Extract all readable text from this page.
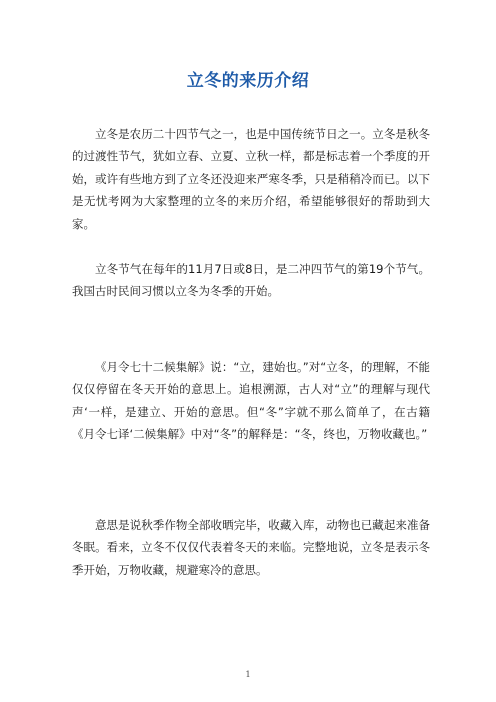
立冬的来历介绍

立冬是农历二十四节气之一，也是中国传统节日之一。立冬是秋冬的过渡性节气，犹如立春、立夏、立秋一样，都是标志着一个季度的开始，或许有些地方到了立冬还没迎来严寒冬季，只是稍稍冷而已。以下是无忧考网为大家整理的立冬的来历介绍，希望能够很好的帮助到大家。

立冬节气在每年的11月7日或8日，是二冲四节气的第19个节气。我国古时民间习惯以立冬为冬季的开始。

《月令七十二候集解》说：“立，建始也。”对“立冬，的理解，不能仅仅停留在冬天开始的意思上。追根溯源，古人对“立”的理解与现代声‘一样，是建立、开始的意思。但“冬”字就不那么简单了，在古籍《月令七译‘二候集解》中对“冬”的解释是：“冬，终也，万物收藏也。”

意思是说秋季作物全部收晒完毕，收藏入库，动物也已藏起来准备冬眠。看来，立冬不仅仅代表着冬天的来临。完整地说，立冬是表示冬季开始，万物收藏，规避寒冷的意思。

1
